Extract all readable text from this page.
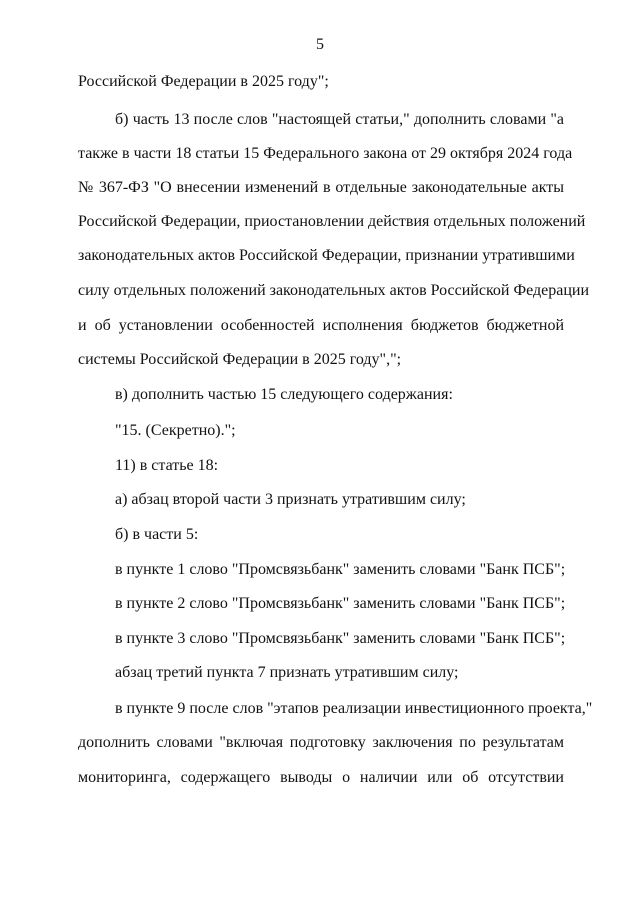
5
Российской Федерации в 2025 году";
б) часть 13 после слов "настоящей статьи," дополнить словами "а
также в части 18 статьи 15 Федерального закона от 29 октября 2024 года
№ 367-ФЗ "О внесении изменений в отдельные законодательные акты
Российской Федерации, приостановлении действия отдельных положений
законодательных актов Российской Федерации, признании утратившими
силу отдельных положений законодательных актов Российской Федерации
и об установлении особенностей исполнения бюджетов бюджетной
системы Российской Федерации в 2025 году",";
в) дополнить частью 15 следующего содержания:
"15. (Секретно).";
11) в статье 18:
а) абзац второй части 3 признать утратившим силу;
б) в части 5:
в пункте 1 слово "Промсвязьбанк" заменить словами "Банк ПСБ";
в пункте 2 слово "Промсвязьбанк" заменить словами "Банк ПСБ";
в пункте 3 слово "Промсвязьбанк" заменить словами "Банк ПСБ";
абзац третий пункта 7 признать утратившим силу;
в пункте 9 после слов "этапов реализации инвестиционного проекта,"
дополнить словами "включая подготовку заключения по результатам
мониторинга, содержащего выводы о наличии или об отсутствии
